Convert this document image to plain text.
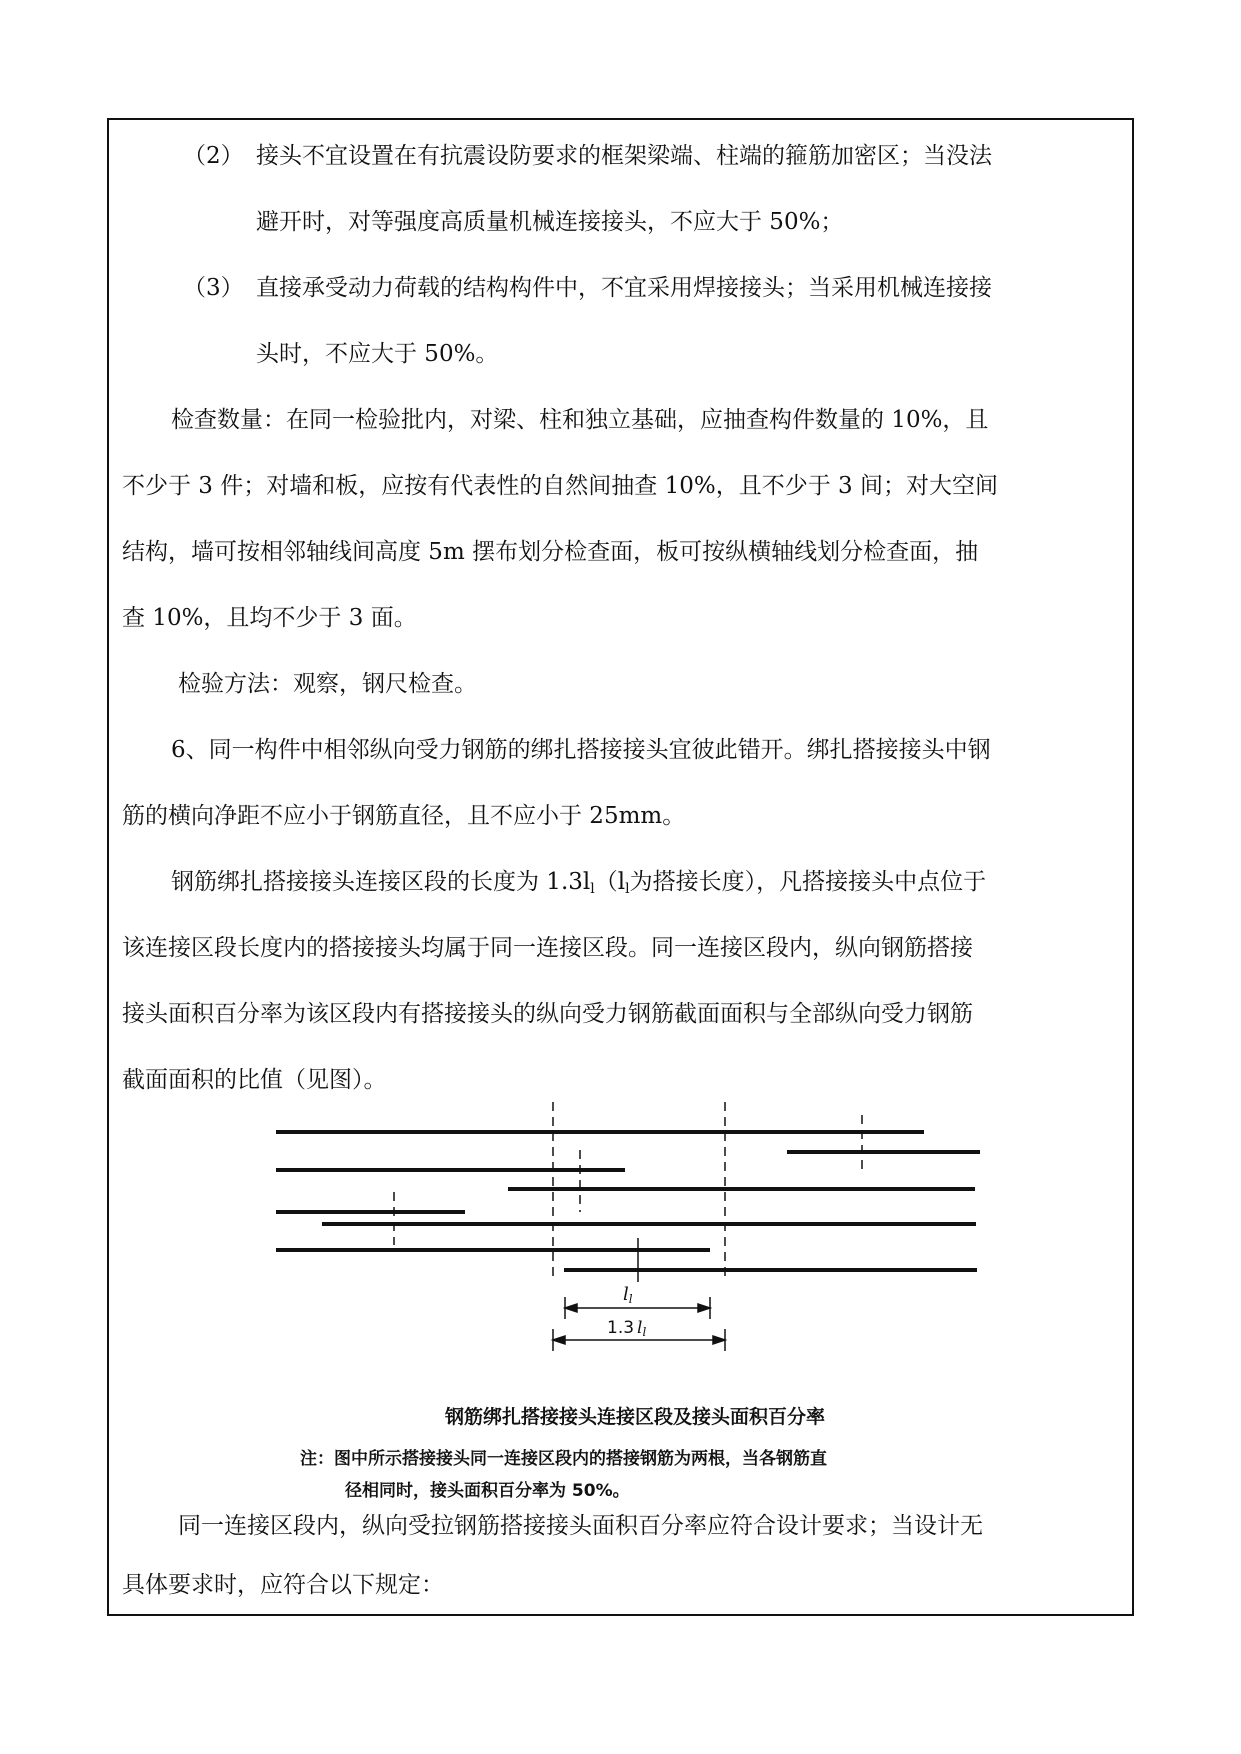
（2） 接头不宜设置在有抗震设防要求的框架梁端、柱端的箍筋加密区；当没法

避开时，对等强度高质量机械连接接头，不应大于 50%；

（3） 直接承受动力荷载的结构构件中，不宜采用焊接接头；当采用机械连接接

头时，不应大于 50%。

检查数量：在同一检验批内，对梁、柱和独立基础，应抽查构件数量的 10%，且

不少于 3 件；对墙和板，应按有代表性的自然间抽查 10%，且不少于 3 间；对大空间

结构，墙可按相邻轴线间高度 5m 摆布划分检查面，板可按纵横轴线划分检查面，抽

查 10%，且均不少于 3 面。

检验方法：观察，钢尺检查。

6、同一构件中相邻纵向受力钢筋的绑扎搭接接头宜彼此错开。绑扎搭接接头中钢

筋的横向净距不应小于钢筋直径，且不应小于 25mm。

钢筋绑扎搭接接头连接区段的长度为 $1.3l_l(l_l$为搭接长度），凡搭接接头中点位于

该连接区段长度内的搭接接头均属于同一连接区段。同一连接区段内，纵向钢筋搭接

接头面积百分率为该区段内有搭接接头的纵向受力钢筋截面面积与全部纵向受力钢筋

截面面积的比值（见图）。

ll
1.3 ll

钢筋绑扎搭接接头连接区段及接头面积百分率

注：图中所示搭接接头同一连接区段内的搭接钢筋为两根，当各钢筋直

径相同时，接头面积百分率为 50%。

同一连接区段内，纵向受拉钢筋搭接接头面积百分率应符合设计要求；当设计无

具体要求时，应符合以下规定：
